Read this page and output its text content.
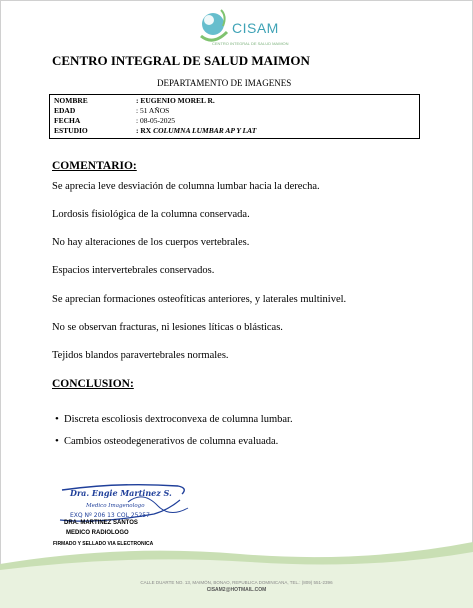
CISAM
CENTRO INTEGRAL DE SALUD MAIMON
CENTRO INTEGRAL DE SALUD MAIMON
DEPARTAMENTO DE IMAGENES
NOMBRE	: EUGENIO MOREL R.
EDAD	: 51 AÑOS
FECHA	: 08-05-2025
ESTUDIO	: RX COLUMNA LUMBAR AP Y LAT
COMENTARIO:
Se aprecia leve desviación de columna lumbar hacia la derecha.
Lordosis fisiológica de la columna conservada.
No hay alteraciones de los cuerpos vertebrales.
Espacios intervertebrales conservados.
Se aprecian formaciones osteofíticas anteriores, y laterales multinivel.
No se observan fracturas, ni lesiones líticas o blásticas.
Tejidos blandos paravertebrales normales.
CONCLUSION:
• Discreta escoliosis dextroconvexa de columna lumbar.
• Cambios osteodegenerativos de columna evaluada.
Dra. Engie Martinez S.
Medico Imagenologo
EXQ Nº 206 13 COL 25257
DRA. MARTINEZ SANTOS
MEDICO RADIOLOGO
FIRMADO Y SELLADO VIA ELECTRONICA
CALLE DUARTE NO. 13, MAIMÓN, BONAO, REPUBLICA DOMINICANA, TEL.: (809) 551-2396
CISAM2@HOTMAIL.COM
